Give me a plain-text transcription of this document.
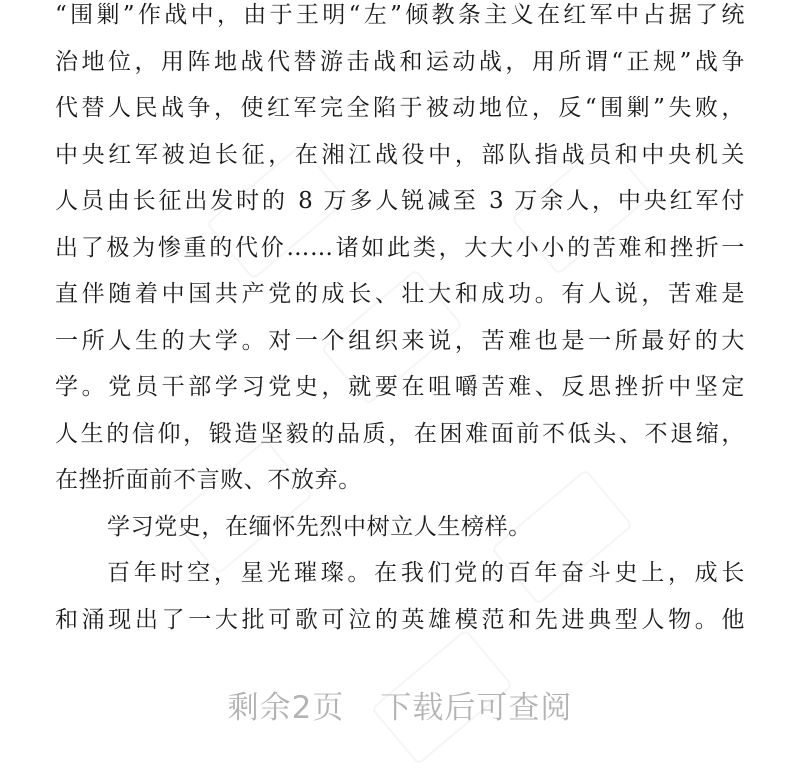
“围剿”作战中，由于王明“左”倾教条主义在红军中占据了统
治地位，用阵地战代替游击战和运动战，用所谓“正规”战争
代替人民战争，使红军完全陷于被动地位，反“围剿”失败，
中央红军被迫长征，在湘江战役中，部队指战员和中央机关
人员由长征出发时的 8 万多人锐减至 3 万余人，中央红军付
出了极为惨重的代价……诸如此类，大大小小的苦难和挫折一
直伴随着中国共产党的成长、壮大和成功。有人说，苦难是
一所人生的大学。对一个组织来说，苦难也是一所最好的大
学。党员干部学习党史，就要在咀嚼苦难、反思挫折中坚定
人生的信仰，锻造坚毅的品质，在困难面前不低头、不退缩，
在挫折面前不言败、不放弃。
学习党史，在缅怀先烈中树立人生榜样。
百年时空，星光璀璨。在我们党的百年奋斗史上，成长
和涌现出了一大批可歌可泣的英雄模范和先进典型人物。他
剩余2页 下载后可查阅
